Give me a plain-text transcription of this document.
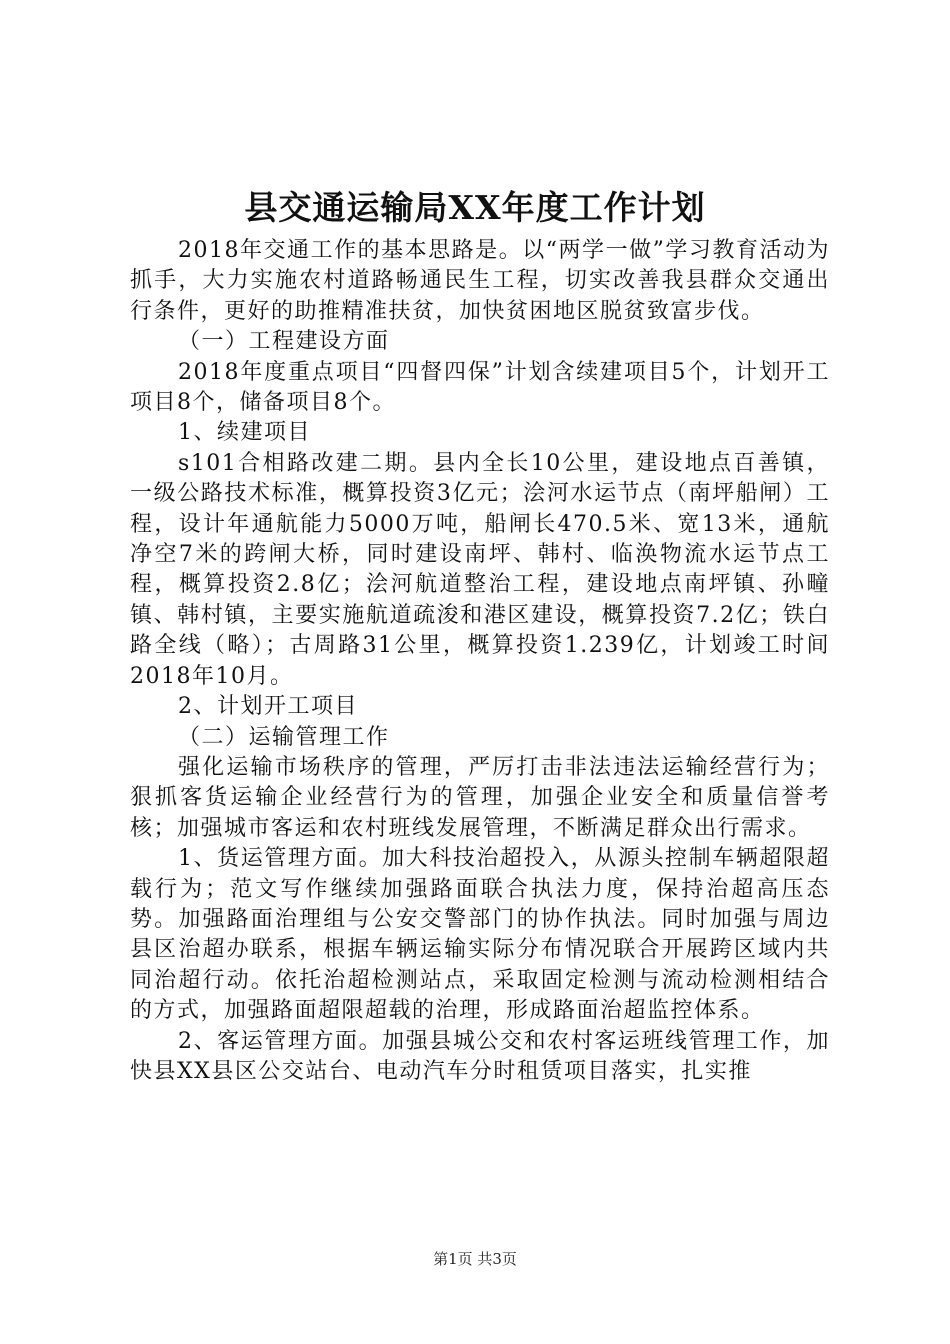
县交通运输局XX年度工作计划

2018年交通工作的基本思路是。以“两学一做”学习教育活动为抓手，大力实施农村道路畅通民生工程，切实改善我县群众交通出行条件，更好的助推精准扶贫，加快贫困地区脱贫致富步伐。

（一）工程建设方面

2018年度重点项目“四督四保”计划含续建项目5个，计划开工项目8个，储备项目8个。

1、续建项目

s101合相路改建二期。县内全长10公里，建设地点百善镇，一级公路技术标准，概算投资3亿元；浍河水运节点（南坪船闸）工程，设计年通航能力5000万吨，船闸长470.5米、宽13米，通航净空7米的跨闸大桥，同时建设南坪、韩村、临涣物流水运节点工程，概算投资2.8亿；浍河航道整治工程，建设地点南坪镇、孙疃镇、韩村镇，主要实施航道疏浚和港区建设，概算投资7.2亿；铁白路全线（略）；古周路31公里，概算投资1.239亿，计划竣工时间2018年10月。

2、计划开工项目

（二）运输管理工作

强化运输市场秩序的管理，严厉打击非法违法运输经营行为；狠抓客货运输企业经营行为的管理，加强企业安全和质量信誉考核；加强城市客运和农村班线发展管理，不断满足群众出行需求。

1、货运管理方面。加大科技治超投入，从源头控制车辆超限超载行为；范文写作继续加强路面联合执法力度，保持治超高压态势。加强路面治理组与公安交警部门的协作执法。同时加强与周边县区治超办联系，根据车辆运输实际分布情况联合开展跨区域内共同治超行动。依托治超检测站点，采取固定检测与流动检测相结合的方式，加强路面超限超载的治理，形成路面治超监控体系。

2、客运管理方面。加强县城公交和农村客运班线管理工作，加快县XX县区公交站台、电动汽车分时租赁项目落实，扎实推

第1页 共3页
